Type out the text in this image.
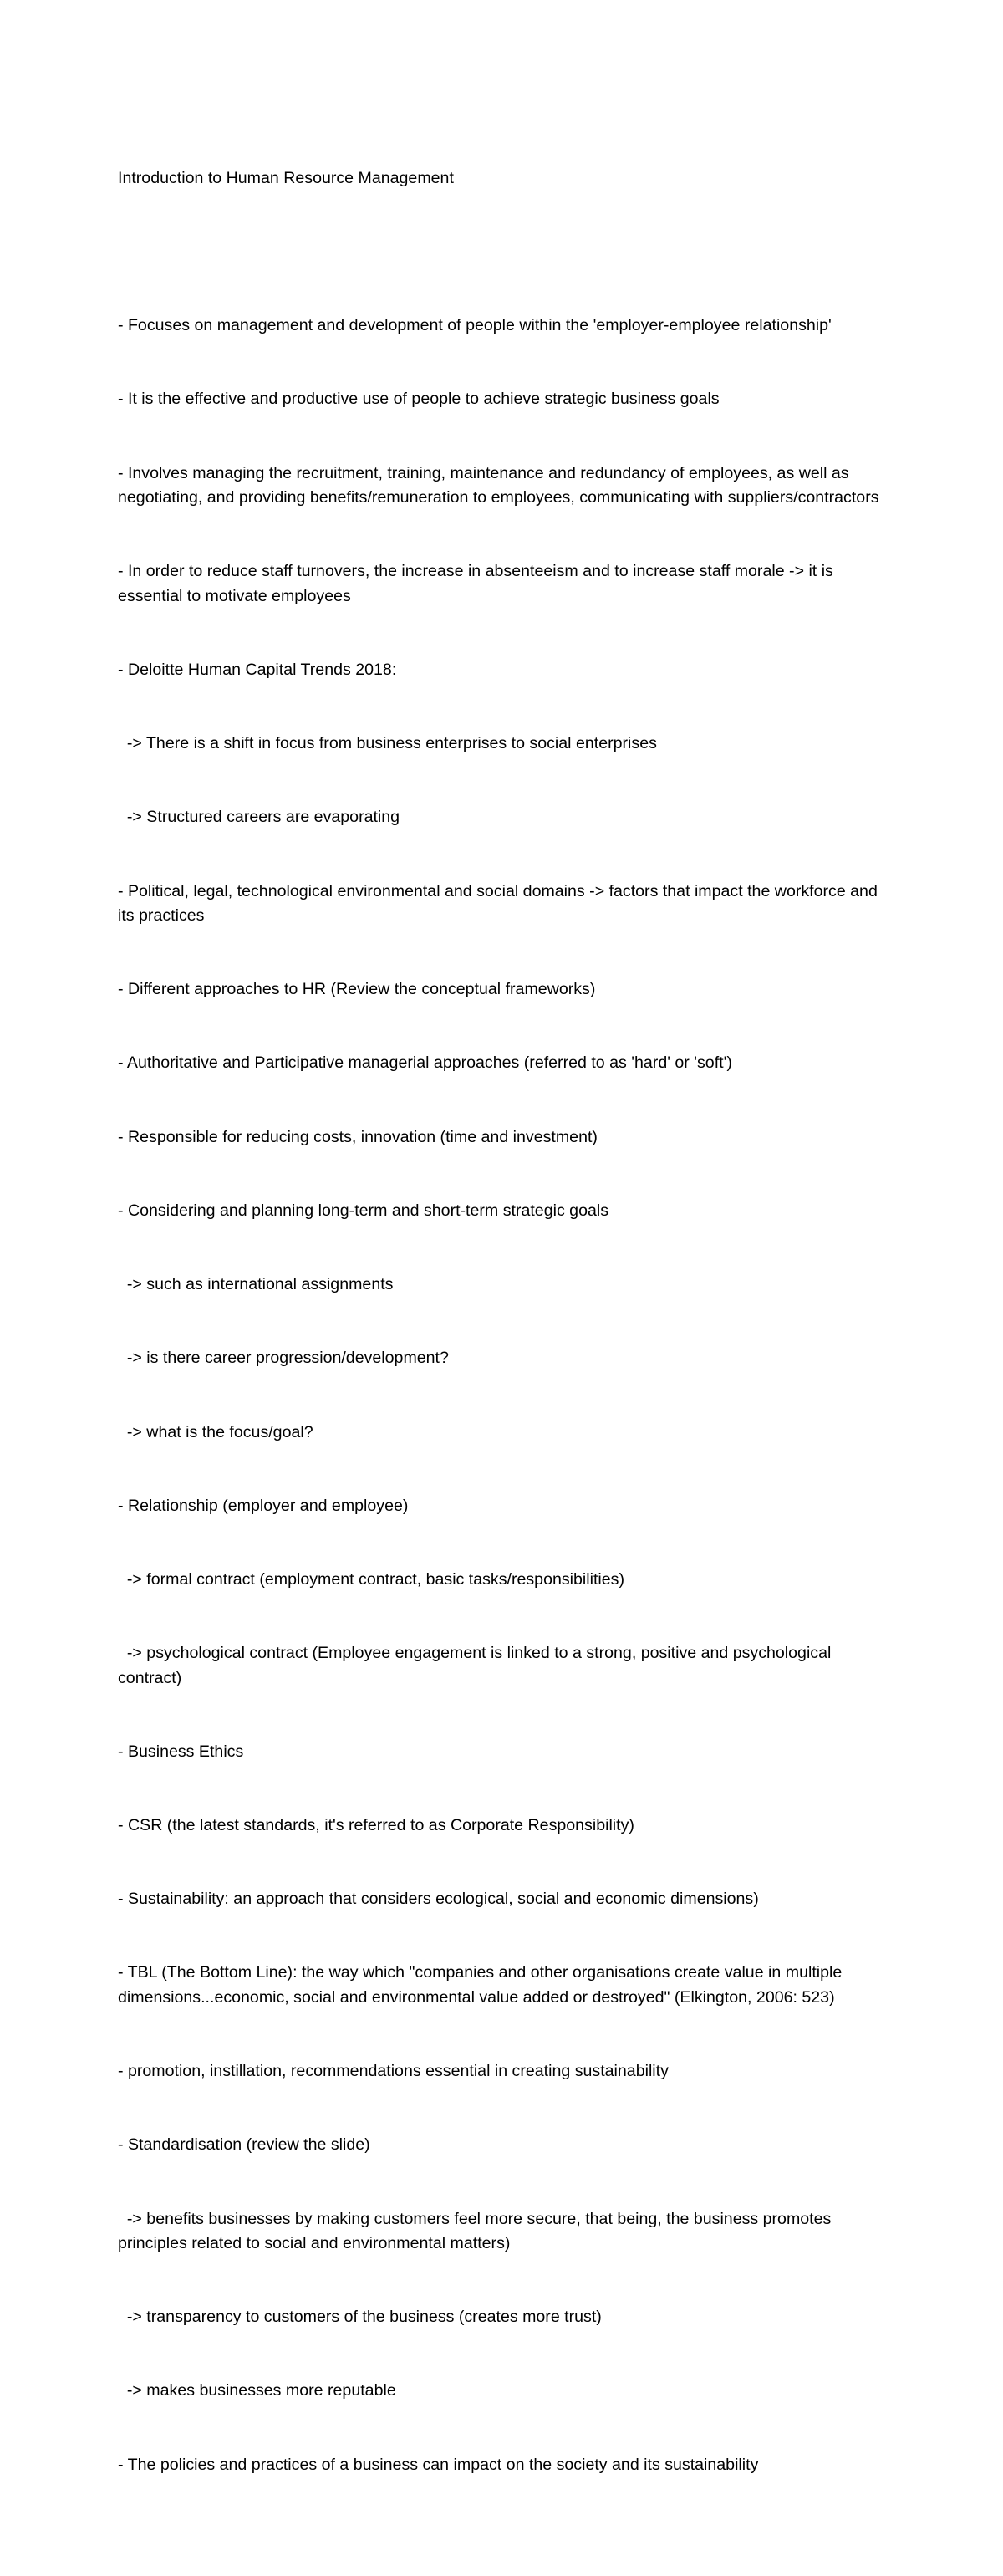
Introduction to Human Resource Management

- Focuses on management and development of people within the 'employer-employee relationship'

- It is the effective and productive use of people to achieve strategic business goals

- Involves managing the recruitment, training, maintenance and redundancy of employees, as well as negotiating, and providing benefits/remuneration to employees, communicating with suppliers/contractors

- In order to reduce staff turnovers, the increase in absenteeism and to increase staff morale -> it is essential to motivate employees

- Deloitte Human Capital Trends 2018:

-> There is a shift in focus from business enterprises to social enterprises

-> Structured careers are evaporating

- Political, legal, technological environmental and social domains -> factors that impact the workforce and its practices

- Different approaches to HR (Review the conceptual frameworks)

- Authoritative and Participative managerial approaches (referred to as 'hard' or 'soft')

- Responsible for reducing costs, innovation (time and investment)

- Considering and planning long-term and short-term strategic goals

-> such as international assignments

-> is there career progression/development?

-> what is the focus/goal?

- Relationship (employer and employee)

-> formal contract (employment contract, basic tasks/responsibilities)

-> psychological contract (Employee engagement is linked to a strong, positive and psychological contract)

- Business Ethics

- CSR (the latest standards, it's referred to as Corporate Responsibility)

- Sustainability: an approach that considers ecological, social and economic dimensions)

- TBL (The Bottom Line): the way which "companies and other organisations create value in multiple dimensions...economic, social and environmental value added or destroyed" (Elkington, 2006: 523)

- promotion, instillation, recommendations essential in creating sustainability

- Standardisation (review the slide)

-> benefits businesses by making customers feel more secure, that being, the business promotes principles related to social and environmental matters)

-> transparency to customers of the business (creates more trust)

-> makes businesses more reputable

- The policies and practices of a business can impact on the society and its sustainability
